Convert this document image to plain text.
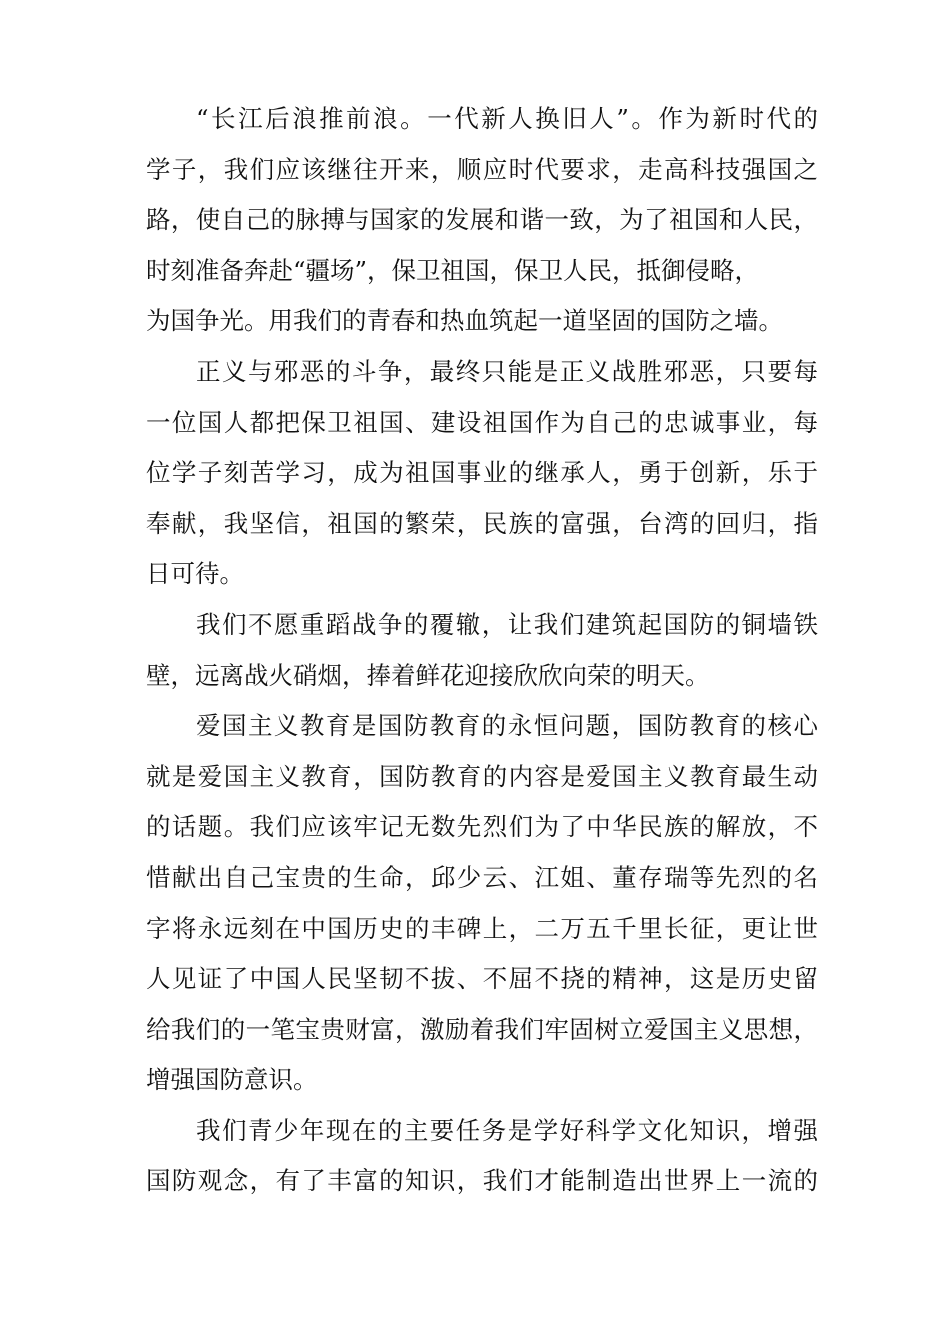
“长江后浪推前浪。一代新人换旧人”。作为新时代的
学子，我们应该继往开来，顺应时代要求，走高科技强国之
路，使自己的脉搏与国家的发展和谐一致，为了祖国和人民，
时刻准备奔赴“疆场”，保卫祖国，保卫人民，抵御侵略，
为国争光。用我们的青春和热血筑起一道坚固的国防之墙。
正义与邪恶的斗争，最终只能是正义战胜邪恶，只要每
一位国人都把保卫祖国、建设祖国作为自己的忠诚事业，每
位学子刻苦学习，成为祖国事业的继承人，勇于创新，乐于
奉献，我坚信，祖国的繁荣，民族的富强，台湾的回归，指
日可待。
我们不愿重蹈战争的覆辙，让我们建筑起国防的铜墙铁
壁，远离战火硝烟，捧着鲜花迎接欣欣向荣的明天。
爱国主义教育是国防教育的永恒问题，国防教育的核心
就是爱国主义教育，国防教育的内容是爱国主义教育最生动
的话题。我们应该牢记无数先烈们为了中华民族的解放，不
惜献出自己宝贵的生命，邱少云、江姐、董存瑞等先烈的名
字将永远刻在中国历史的丰碑上，二万五千里长征，更让世
人见证了中国人民坚韧不拔、不屈不挠的精神，这是历史留
给我们的一笔宝贵财富，激励着我们牢固树立爱国主义思想，
增强国防意识。
我们青少年现在的主要任务是学好科学文化知识，增强
国防观念，有了丰富的知识，我们才能制造出世界上一流的
